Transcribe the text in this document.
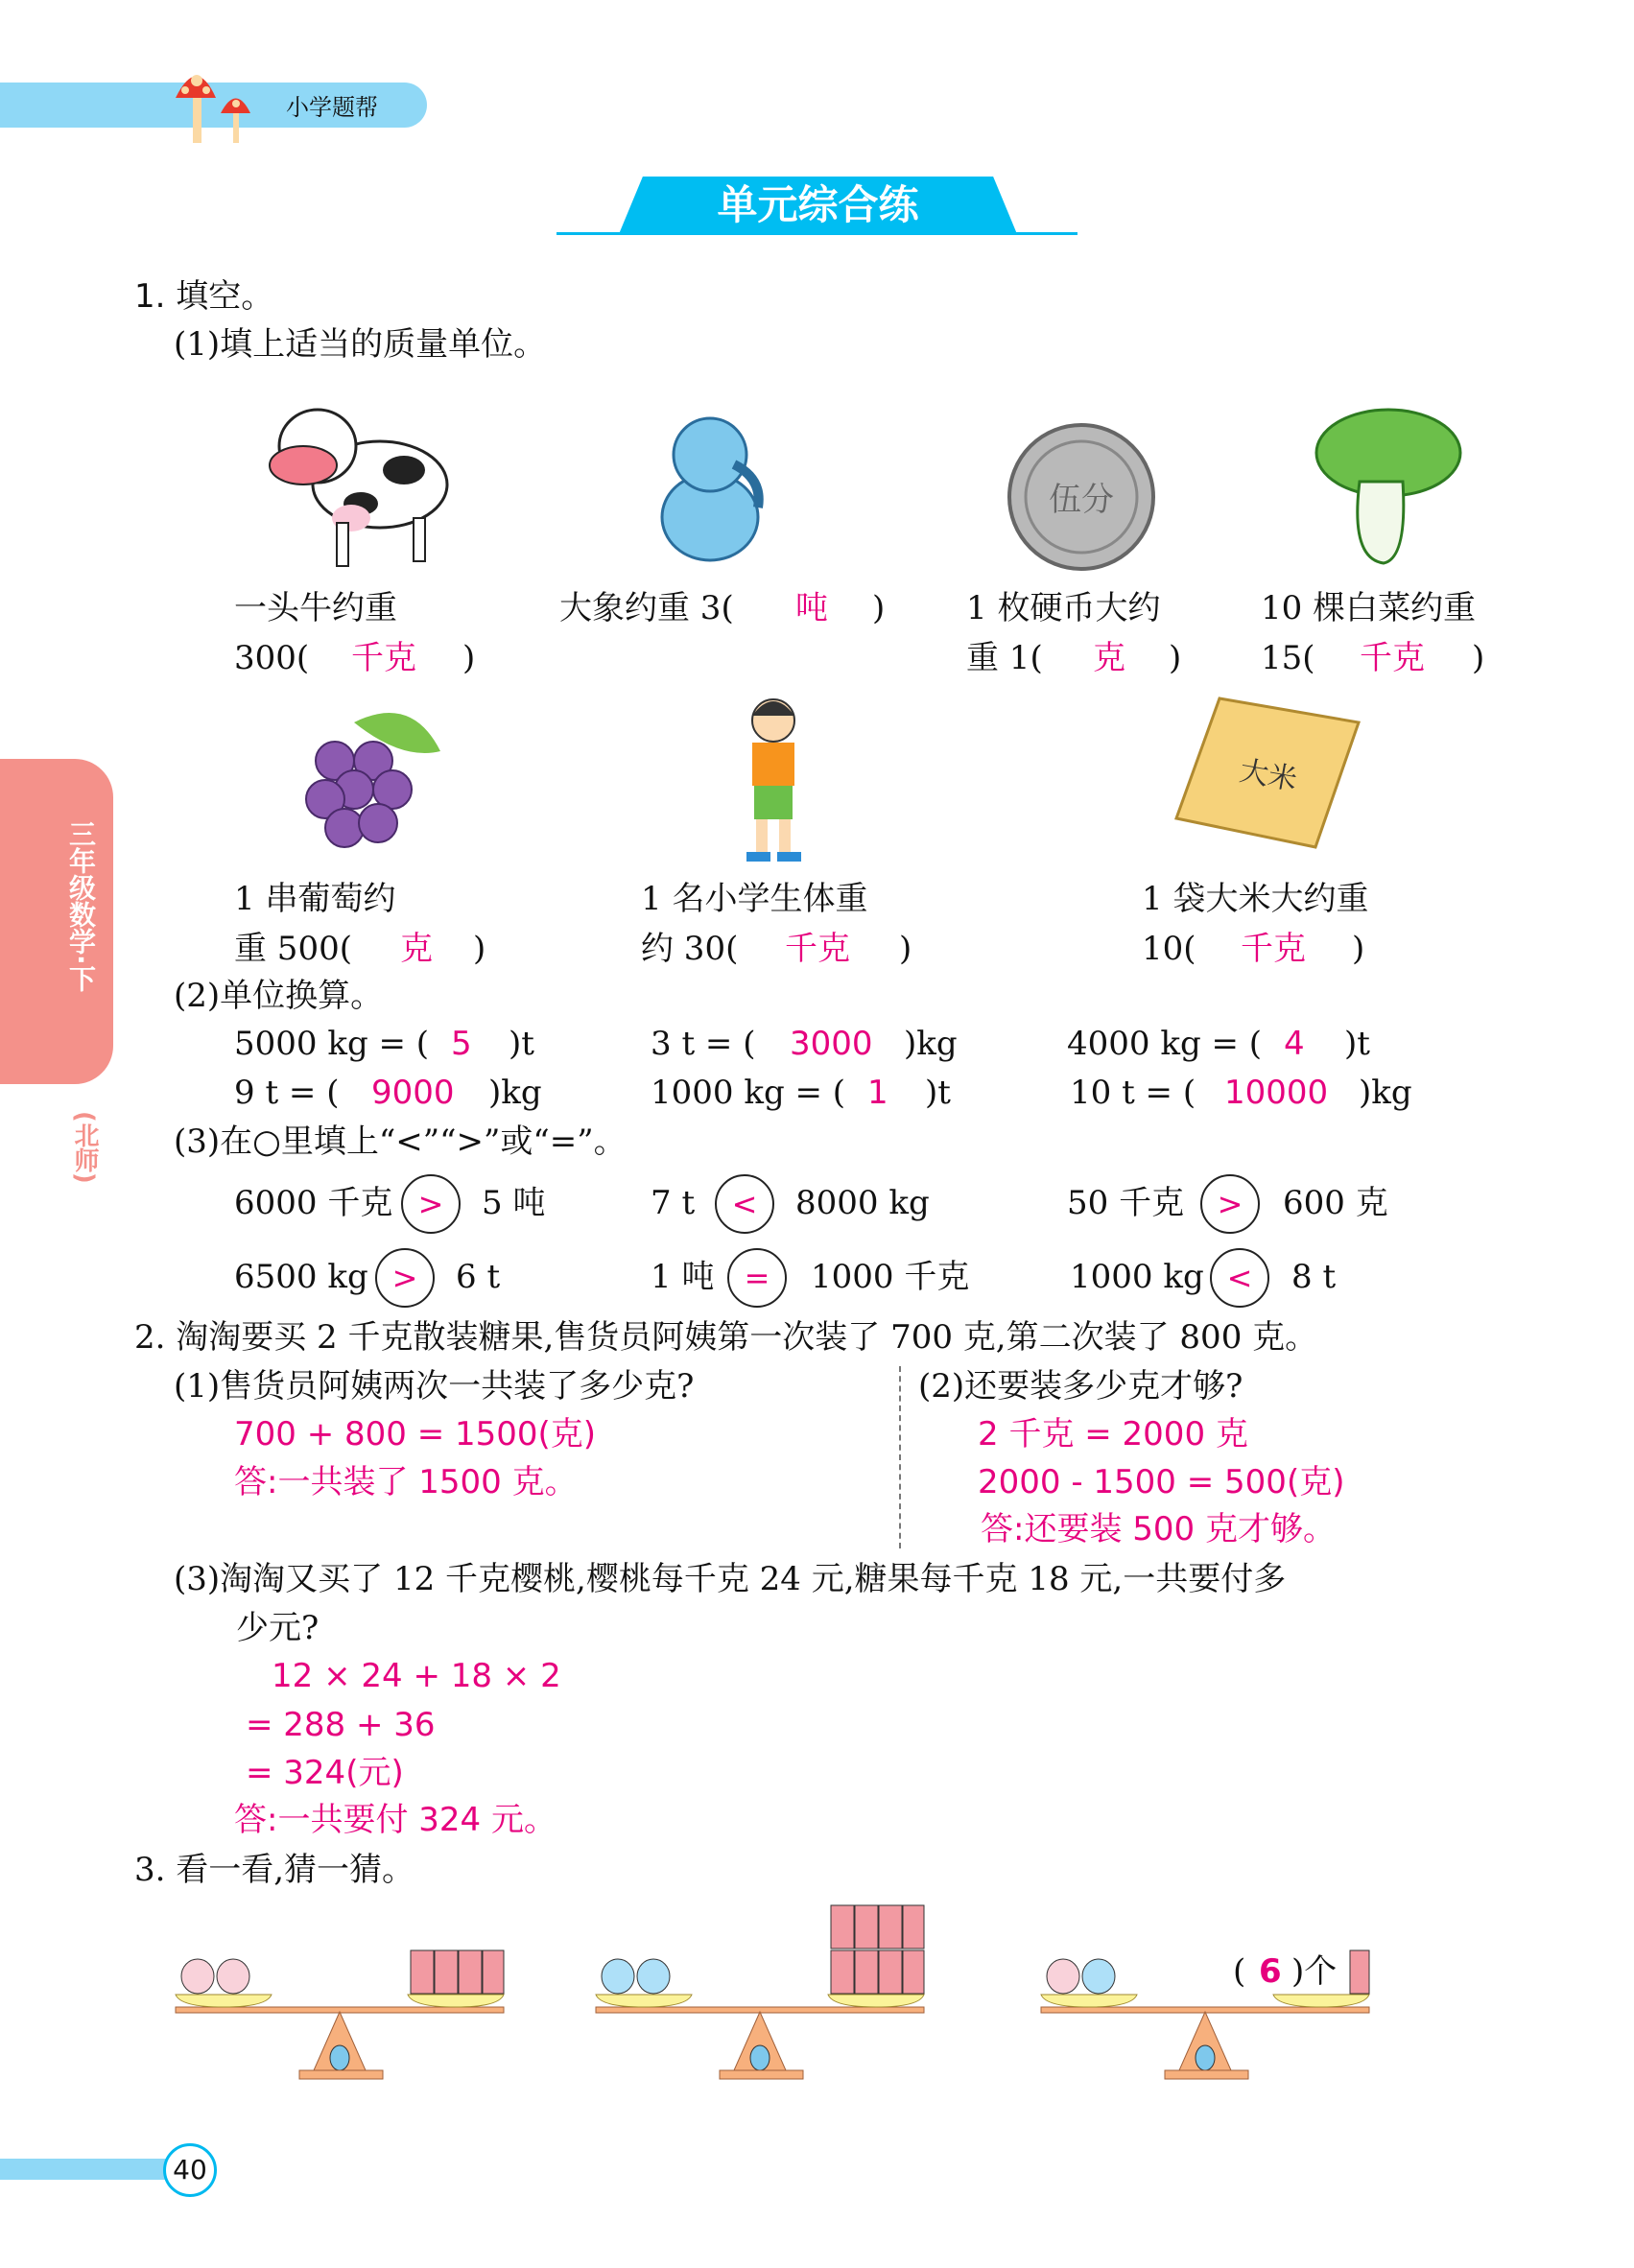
小学题帮
单元综合练
三年级数学·下
(北师)
1. 填空。
(1)填上适当的质量单位。
伍分
大米
一头牛约重
300( 千克 )
大象约重 3( 吨 ) 1 枚硬币大约
重 1( 克 )
10 棵白菜约重
15( 千克 )
1 串葡萄约
重 500( 克 )
1 名小学生体重
约 30( 千克 )
1 袋大米大约重
10( 千克 )
(2)单位换算。
5000 kg = ( 5 )t	3 t = ( 3000 )kg	4000 kg = ( 4 )t
9 t = ( 9000 )kg	1000 kg = ( 1 )t	10 t = ( 10000 )kg
(3)在○里填上“<”“>”或“=”。
6000 千克 >	5 吨	7 t	<	8000 kg	50 千克	>	600 克
6500 kg >	6 t	1 吨 =	1000 千克	1000 kg <	8 t
2. 淘淘要买 2 千克散装糖果,售货员阿姨第一次装了 700 克,第二次装了 800 克。
(1)售货员阿姨两次一共装了多少克?	(2)还要装多少克才够?
700 + 800 = 1500(克)
答:一共装了 1500 克。
2 千克 = 2000 克
2000 - 1500 = 500(克)
答:还要装 500 克才够。
(3)淘淘又买了 12 千克樱桃,樱桃每千克 24 元,糖果每千克 18 元,一共要付多
少元?
12 × 24 + 18 × 2
= 288 + 36
= 324(元)
答:一共要付 324 元。
3. 看一看,猜一猜。
( 6 )个
40
